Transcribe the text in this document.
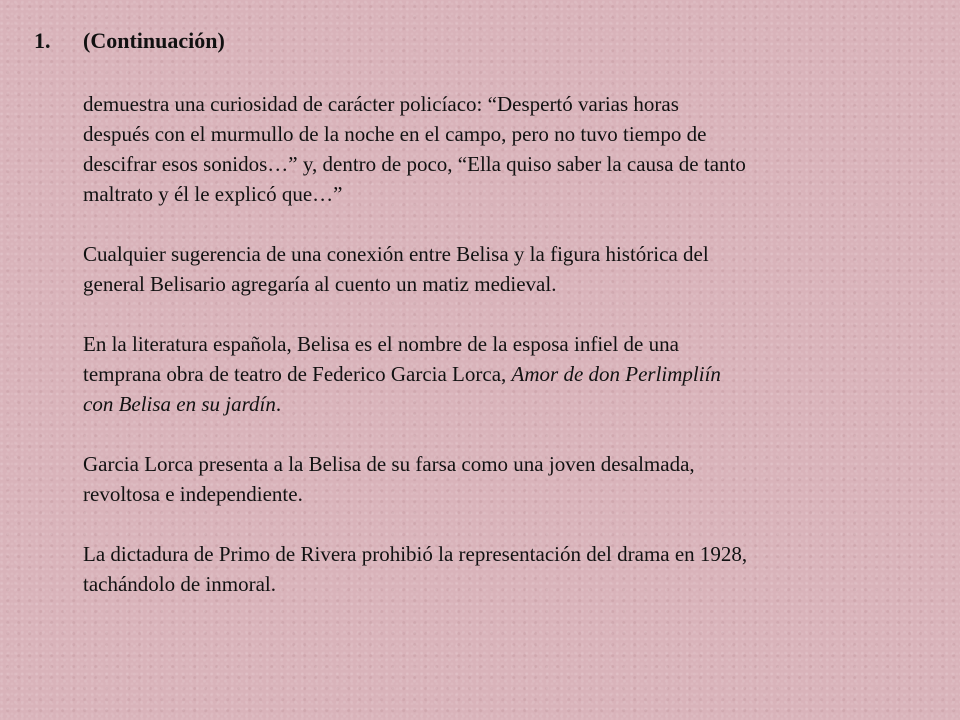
1.	(Continuación)

demuestra una curiosidad de carácter policíaco: “Despertó varias horas
después con el murmullo de la noche en el campo, pero no tuvo tiempo de
descifrar esos sonidos…” y, dentro de poco, “Ella quiso saber la causa de tanto
maltrato y él le explicó que…”

Cualquier sugerencia de una conexión entre Belisa y la figura histórica del
general Belisario agregaría al cuento un matiz medieval.

En la literatura española, Belisa es el nombre de la esposa infiel de una
temprana obra de teatro de Federico Garcia Lorca, Amor de don Perlimpliín
con Belisa en su jardín.

Garcia Lorca presenta a la Belisa de su farsa como una joven desalmada,
revoltosa e independiente.

La dictadura de Primo de Rivera prohibió la representación del drama en 1928,
tachándolo de inmoral.
